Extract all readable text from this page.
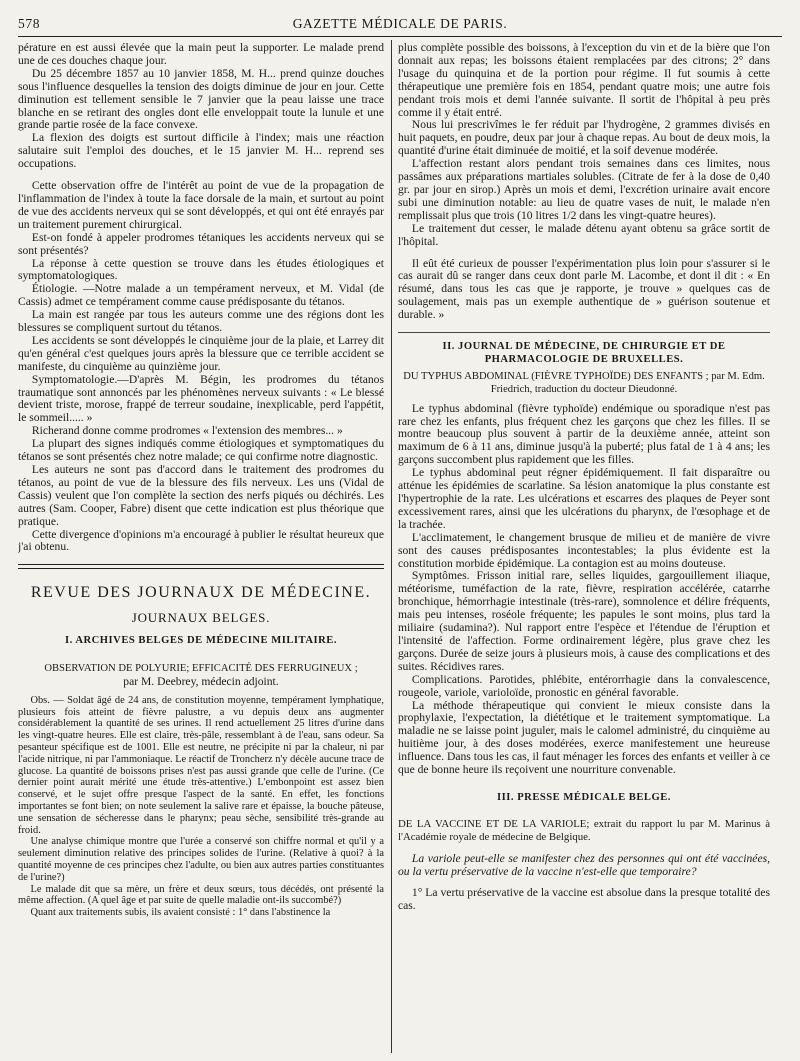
578	GAZETTE MÉDICALE DE PARIS.

pérature en est aussi élevée que la main peut la supporter. Le malade prend une de ces douches chaque jour.

Du 25 décembre 1857 au 10 janvier 1858, M. H... prend quinze douches sous l'influence desquelles la tension des doigts diminue de jour en jour. Cette diminution est tellement sensible le 7 janvier que la peau laisse une trace blanche en se retirant des ongles dont elle enveloppait toute la lunule et une grande partie rosée de la face convexe.

La flexion des doigts est surtout difficile à l'index; mais une réaction salutaire suit l'emploi des douches, et le 15 janvier M. H... reprend ses occupations.

Cette observation offre de l'intérêt au point de vue de la propagation de l'inflammation de l'index à toute la face dorsale de la main, et surtout au point de vue des accidents nerveux qui se sont développés, et qui ont été enrayés par un traitement purement chirurgical.

Est-on fondé à appeler prodromes tétaniques les accidents nerveux qui se sont présentés?

La réponse à cette question se trouve dans les études étiologiques et symptomatologiques.

Étiologie. —Notre malade a un tempérament nerveux, et M. Vidal (de Cassis) admet ce tempérament comme cause prédisposante du tétanos.

La main est rangée par tous les auteurs comme une des régions dont les blessures se compliquent surtout du tétanos.

Les accidents se sont développés le cinquième jour de la plaie, et Larrey dit qu'en général c'est quelques jours après la blessure que ce terrible accident se manifeste, du cinquième au quinzième jour.

Symptomatologie.—D'après M. Bégin, les prodromes du tétanos traumatique sont annoncés par les phénomènes nerveux suivants : « Le blessé devient triste, morose, frappé de terreur soudaine, inexplicable, perd l'appétit, le sommeil..... »

Richerand donne comme prodromes « l'extension des membres... »

La plupart des signes indiqués comme étiologiques et symptomatiques du tétanos se sont présentés chez notre malade; ce qui confirme notre diagnostic.

Les auteurs ne sont pas d'accord dans le traitement des prodromes du tétanos, au point de vue de la blessure des fils nerveux. Les uns (Vidal de Cassis) veulent que l'on complète la section des nerfs piqués ou déchirés. Les autres (Sam. Cooper, Fabre) disent que cette indication est plus théorique que pratique.

Cette divergence d'opinions m'a encouragé à publier le résultat heureux que j'ai obtenu.

REVUE DES JOURNAUX DE MÉDECINE.

JOURNAUX BELGES.

I. ARCHIVES BELGES DE MÉDECINE MILITAIRE.

OBSERVATION DE POLYURIE; EFFICACITÉ DES FERRUGINEUX ;

par M. Deebrey, médecin adjoint.

Obs. — Soldat âgé de 24 ans, de constitution moyenne, tempérament lymphatique, plusieurs fois atteint de fièvre palustre, a vu depuis deux ans augmenter considérablement la quantité de ses urines. Il rend actuellement 25 litres d'urine dans les vingt-quatre heures. Elle est claire, très-pâle, ressemblant à de l'eau, sans odeur. Sa pesanteur spécifique est de 1001. Elle est neutre, ne précipite ni par la chaleur, ni par l'acide nitrique, ni par l'ammoniaque. Le réactif de Troncherz n'y décèle aucune trace de glucose. La quantité de boissons prises n'est pas aussi grande que celle de l'urine. (Ce dernier point aurait mérité une étude très-attentive.) L'embonpoint est assez bien conservé, et le sujet offre presque l'aspect de la santé. En effet, les fonctions importantes se font bien; on note seulement la salive rare et épaisse, la bouche pâteuse, une sensation de sécheresse dans le pharynx; peau sèche, sensibilité très-grande au froid.

Une analyse chimique montre que l'urée a conservé son chiffre normal et qu'il y a seulement diminution relative des principes solides de l'urine. (Relative à quoi? à la quantité moyenne de ces principes chez l'adulte, ou bien aux autres parties constituantes de l'urine?)

Le malade dit que sa mère, un frère et deux sœurs, tous décédés, ont présenté la même affection. (A quel âge et par suite de quelle maladie ont-ils succombé?)

Quant aux traitements subis, ils avaient consisté : 1° dans l'abstinence la

plus complète possible des boissons, à l'exception du vin et de la bière que l'on donnait aux repas; les boissons étaient remplacées par des citrons; 2° dans l'usage du quinquina et de la portion pour régime. Il fut soumis à cette thérapeutique une première fois en 1854, pendant quatre mois; une autre fois pendant trois mois et demi l'année suivante. Il sortit de l'hôpital à peu près comme il y était entré.

Nous lui prescrivîmes le fer réduit par l'hydrogène, 2 grammes divisés en huit paquets, en poudre, deux par jour à chaque repas. Au bout de deux mois, la quantité d'urine était diminuée de moitié, et la soif devenue modérée.

L'affection restant alors pendant trois semaines dans ces limites, nous passâmes aux préparations martiales solubles. (Citrate de fer à la dose de 0,40 gr. par jour en sirop.) Après un mois et demi, l'excrétion urinaire avait encore subi une diminution notable: au lieu de quatre vases de nuit, le malade n'en remplissait plus que trois (10 litres 1/2 dans les vingt-quatre heures).

Le traitement dut cesser, le malade détenu ayant obtenu sa grâce sortit de l'hôpital.

Il eût été curieux de pousser l'expérimentation plus loin pour s'assurer si le cas aurait dû se ranger dans ceux dont parle M. Lacombe, et dont il dit : « En résumé, dans tous les cas que je rapporte, je trouve » quelques cas de soulagement, mais pas un exemple authentique de » guérison soutenue et durable. »

II. JOURNAL DE MÉDECINE, DE CHIRURGIE ET DE PHARMACOLOGIE DE BRUXELLES.

DU TYPHUS ABDOMINAL (FIÈVRE TYPHOÏDE) DES ENFANTS ; par M. Edm. Friedrich, traduction du docteur Dieudonné.

Le typhus abdominal (fièvre typhoïde) endémique ou sporadique n'est pas rare chez les enfants, plus fréquent chez les garçons que chez les filles. Il se montre beaucoup plus souvent à partir de la deuxième année, atteint son maximum de 6 à 11 ans, diminue jusqu'à la puberté; plus fatal de 1 à 4 ans; les garçons succombent plus rapidement que les filles.

Le typhus abdominal peut régner épidémiquement. Il fait disparaître ou atténue les épidémies de scarlatine. Sa lésion anatomique la plus constante est l'hypertrophie de la rate. Les ulcérations et escarres des plaques de Peyer sont excessivement rares, ainsi que les ulcérations du pharynx, de l'œsophage et de la trachée.

L'acclimatement, le changement brusque de milieu et de manière de vivre sont des causes prédisposantes incontestables; la plus évidente est la constitution morbide épidémique. La contagion est au moins douteuse.

Symptômes. Frisson initial rare, selles liquides, gargouillement iliaque, météorisme, tuméfaction de la rate, fièvre, respiration accélérée, catarrhe bronchique, hémorrhagie intestinale (très-rare), somnolence et délire fréquents, mais peu intenses, roséole fréquente; les papules le sont moins, plus tard la miliaire (sudamina?). Nul rapport entre l'espèce et l'étendue de l'éruption et l'intensité de l'affection. Forme ordinairement légère, plus grave chez les garçons. Durée de seize jours à plusieurs mois, à cause des complications et des suites. Récidives rares.

Complications. Parotides, phlébite, entérorrhagie dans la convalescence, rougeole, variole, varioloïde, pronostic en général favorable.

La méthode thérapeutique qui convient le mieux consiste dans la prophylaxie, l'expectation, la diététique et le traitement symptomatique. La maladie ne se laisse point juguler, mais le calomel administré, du cinquième au huitième jour, à des doses modérées, exerce manifestement une heureuse influence. Dans tous les cas, il faut ménager les forces des enfants et veiller à ce que de bonne heure ils reçoivent une nourriture convenable.

III. PRESSE MÉDICALE BELGE.

DE LA VACCINE ET DE LA VARIOLE; extrait du rapport lu par M. Marinus à l'Académie royale de médecine de Belgique.

La variole peut-elle se manifester chez des personnes qui ont été vaccinées, ou la vertu préservative de la vaccine n'est-elle que temporaire?

1° La vertu préservative de la vaccine est absolue dans la presque totalité des cas.
